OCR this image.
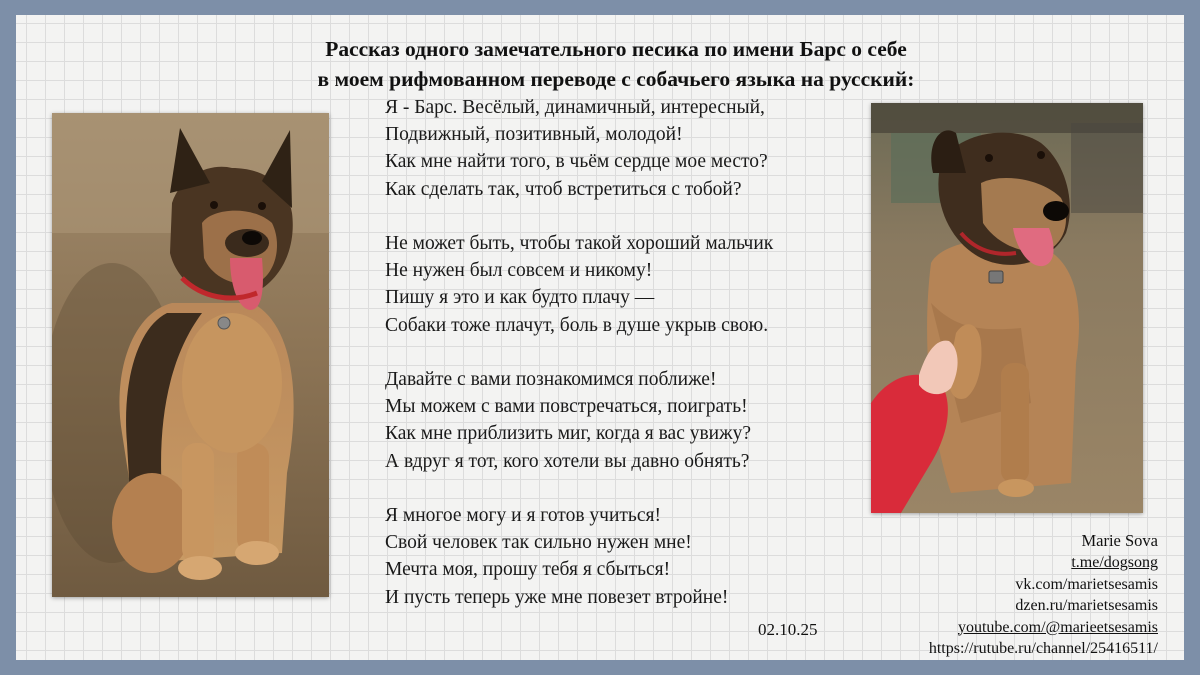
Рассказ одного замечательного песика по имени Барс о себе
в моем рифмованном переводе с собачьего языка на русский:
Я - Барс. Весёлый, динамичный, интересный,
Подвижный, позитивный, молодой!
Как мне найти того, в чьём сердце мое место?
Как сделать так, чтоб встретиться с тобой?
Не может быть, чтобы такой хороший мальчик
Не нужен был совсем и никому!
Пишу я это и как будто плачу —
Собаки тоже плачут, боль в душе укрыв свою.
Давайте с вами познакомимся поближе!
Мы можем с вами повстречаться, поиграть!
Как мне приблизить миг, когда я вас увижу?
А вдруг я тот, кого хотели вы давно обнять?
Я многое могу и я готов учиться!
Свой человек так сильно нужен мне!
Мечта моя, прошу тебя я сбыться!
И пусть теперь уже мне повезет втройне!
02.10.25
Marie Sova
t.me/dogsong
vk.com/marietsesamis
dzen.ru/marietsesamis
youtube.com/@marieetsesamis
https://rutube.ru/channel/25416511/
